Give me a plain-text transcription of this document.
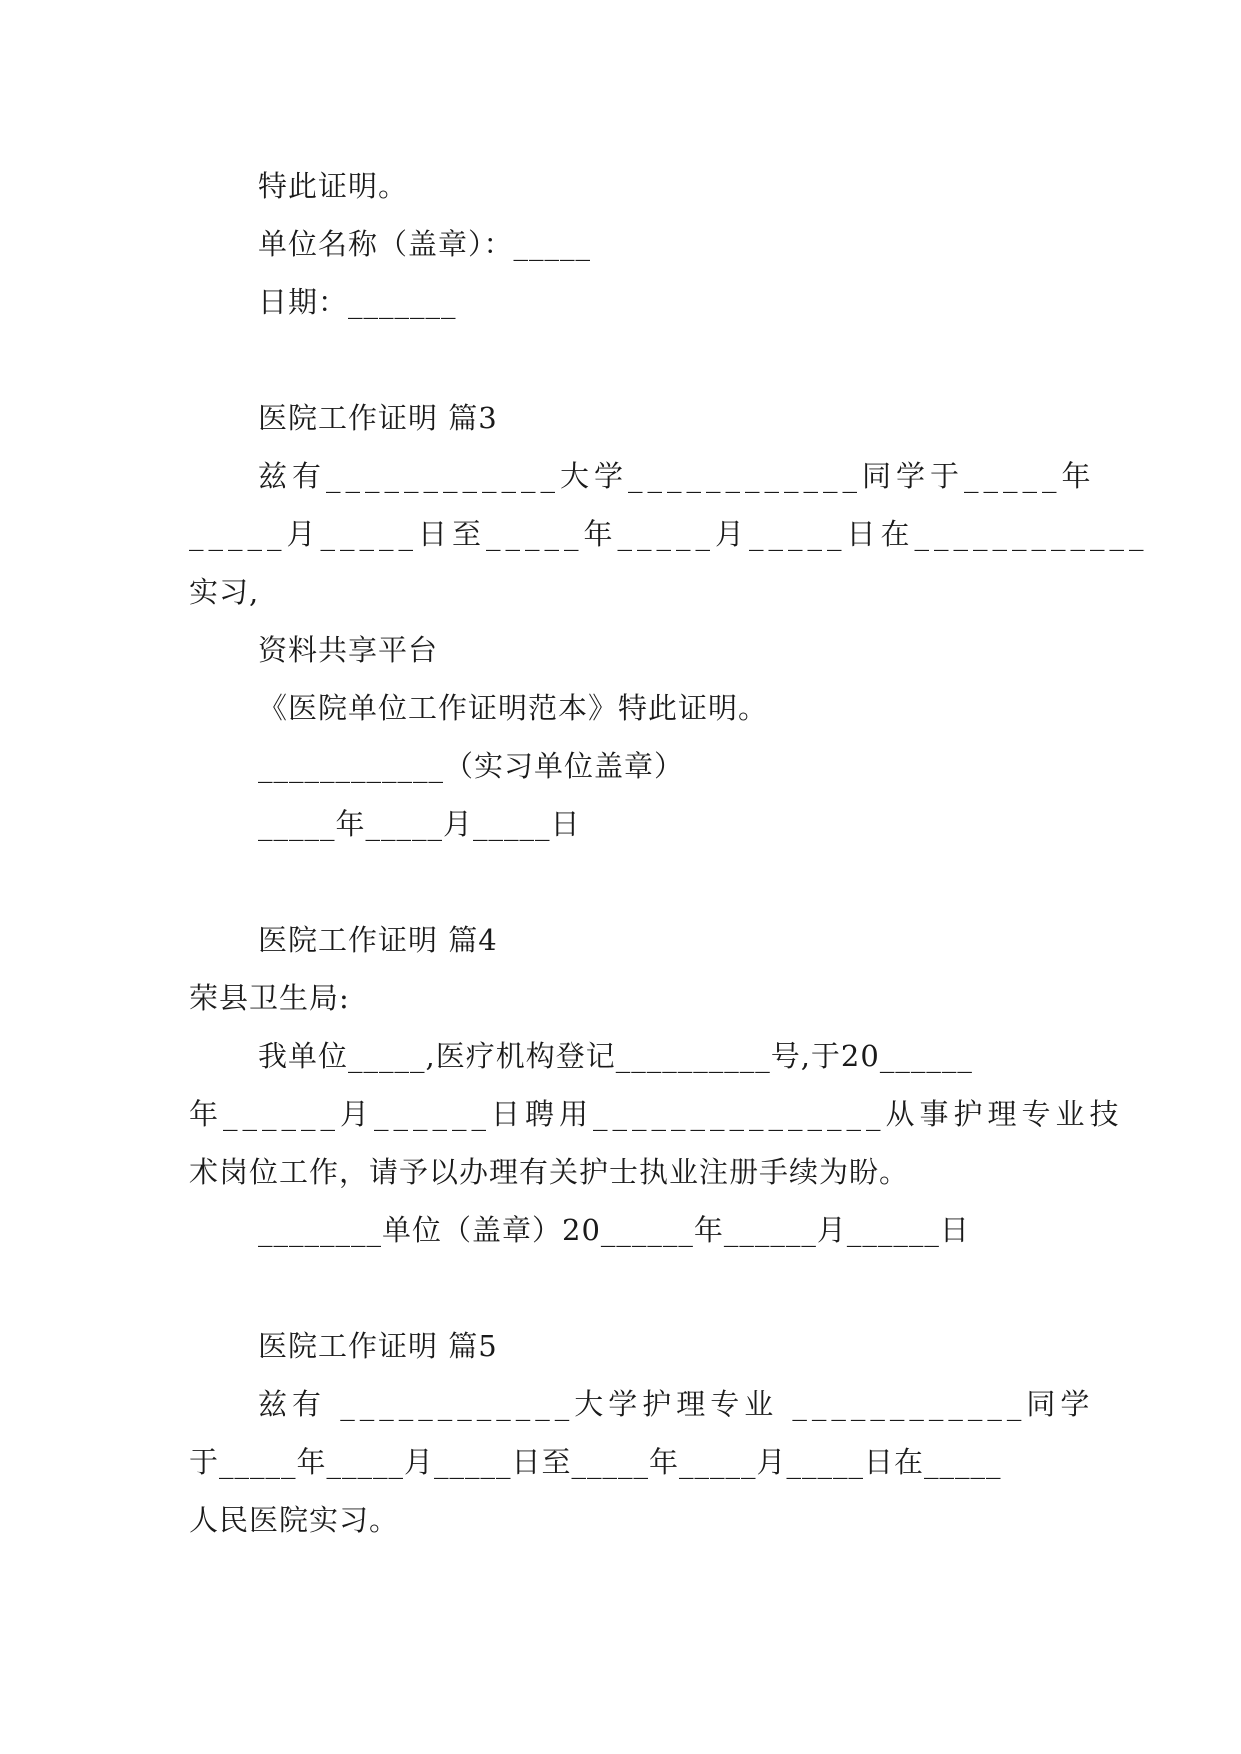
特此证明。
单位名称（盖章）：_____
日期：_______
医院工作证明 篇3
兹有____________大学____________同学于_____年
_____月_____日至_____年_____月_____日在____________
实习,
资料共享平台
《医院单位工作证明范本》特此证明。
____________（实习单位盖章）
_____年_____月_____日
医院工作证明 篇4
荣县卫生局:
我单位_____,医疗机构登记__________号,于20______
年______月______日聘用_______________从事护理专业技
术岗位工作，请予以办理有关护士执业注册手续为盼。
________单位（盖章）20______年______月______日
医院工作证明 篇5
兹有 ____________大学护理专业 ____________同学
于_____年_____月_____日至_____年_____月_____日在_____
人民医院实习。
